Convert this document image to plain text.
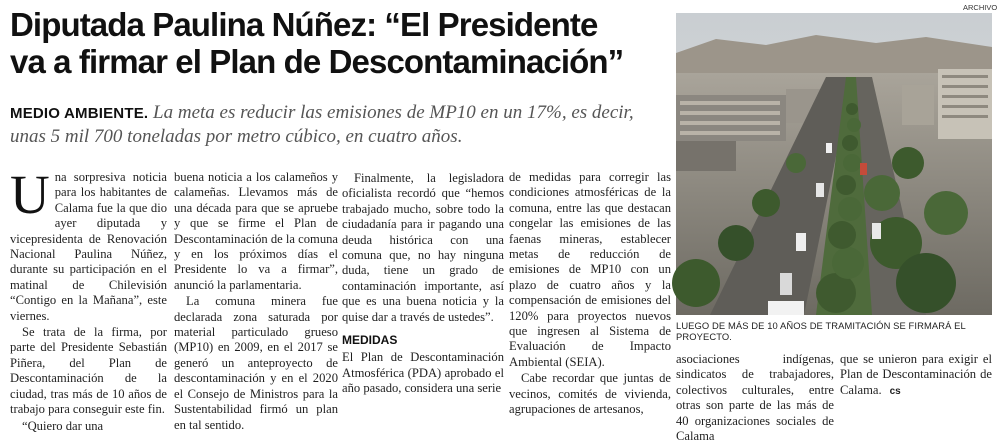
Diputada Paulina Núñez: “El Presidente
va a firmar el Plan de Descontaminación”
MEDIO AMBIENTE. La meta es reducir las emisiones de MP10 en un 17%, es decir, unas 5 mil 700 toneladas por metro cúbico, en cuatro años.

U na sorpresiva noticia para los habitantes de Calama fue la que dio ayer diputada y vicepresidenta de Renovación Nacional Paulina Núñez, durante su participación en el matinal de Chilevisión “Contigo en la Mañana”, este viernes.

Se trata de la firma, por parte del Presidente Sebastián Piñera, del Plan de Descontaminación de la ciudad, tras más de 10 años de trabajo para conseguir este fin.

“Quiero dar una

buena noticia a los calameños y calameñas. Llevamos más de una década para que se apruebe y que se firme el Plan de Descontaminación de la comuna y en los próximos días el Presidente lo va a firmar”, anunció la parlamentaria.

La comuna minera fue declarada zona saturada por material particulado grueso (MP10) en 2009, en el 2017 se generó un anteproyecto de descontaminación y en el 2020 el Consejo de Ministros para la Sustentabilidad firmó un plan en tal sentido.

Finalmente, la legisladora oficialista recordó que “hemos trabajado mucho, sobre todo la ciudadanía para ir pagando una deuda histórica con una comuna que, no hay ninguna duda, tiene un grado de contaminación importante, así que es una buena noticia y la quise dar a través de ustedes”.

MEDIDAS

El Plan de Descontaminación Atmosférica (PDA) aprobado el año pasado, considera una serie

de medidas para corregir las condiciones atmosféricas de la comuna, entre las que destacan congelar las emisiones de las faenas mineras, establecer metas de reducción de emisiones de MP10 con un plazo de cuatro años y la compensación de emisiones del 120% para proyectos nuevos que ingresen al Sistema de Evaluación de Impacto Ambiental (SEIA).

Cabe recordar que juntas de vecinos, comités de vivienda, agrupaciones de artesanos,

asociaciones indígenas, sindicatos de trabajadores, colectivos culturales, entre otras son parte de las más de 40 organizaciones sociales de Calama

que se unieron para exigir el Plan de Descontaminación de Calama. cs

ARCHIVO
LUEGO DE MÁS DE 10 AÑOS DE TRAMITACIÓN SE FIRMARÁ EL PROYECTO.
